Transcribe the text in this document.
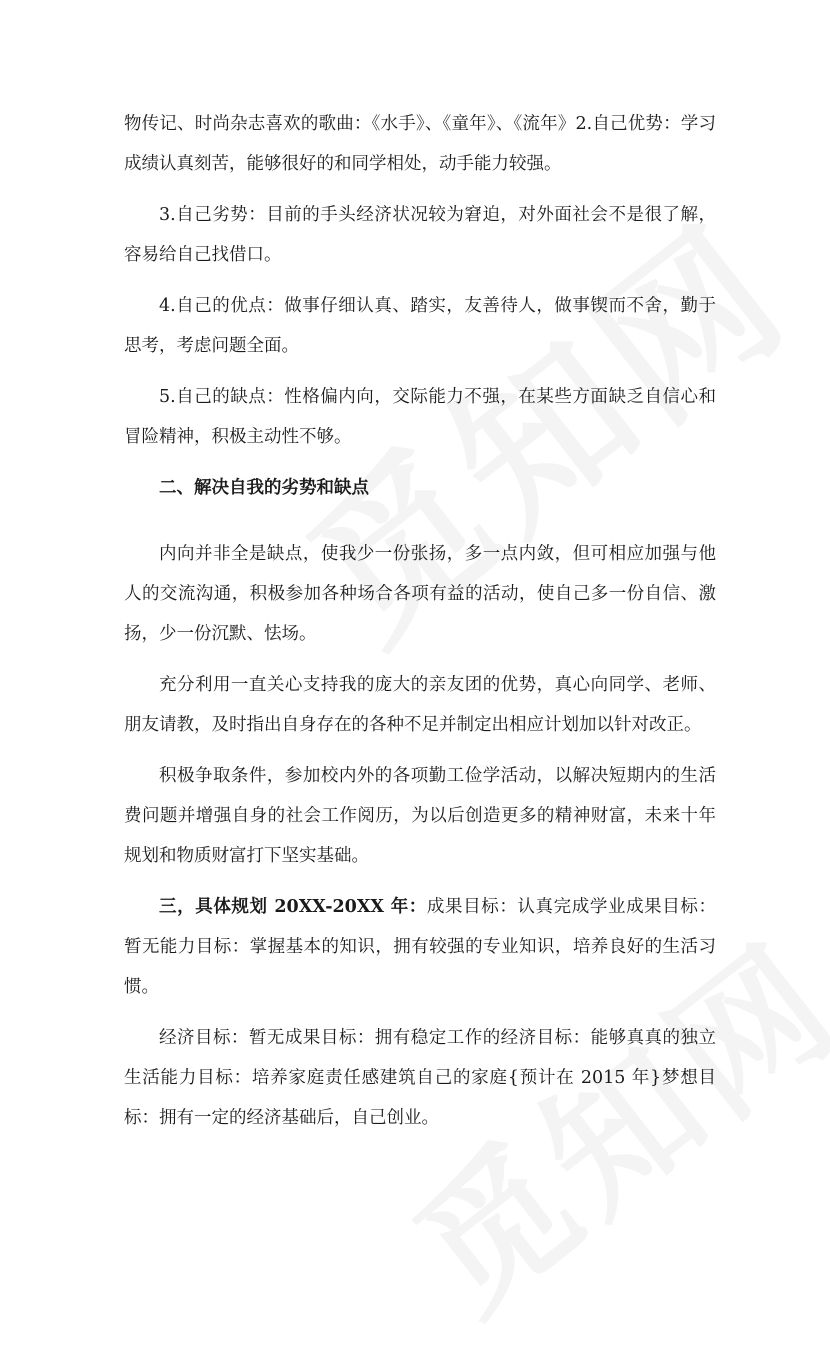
物传记、时尚杂志喜欢的歌曲：《水手》、《童年》、《流年》2.自己优势：学习成绩认真刻苦，能够很好的和同学相处，动手能力较强。

3.自己劣势：目前的手头经济状况较为窘迫，对外面社会不是很了解，容易给自己找借口。

4.自己的优点：做事仔细认真、踏实，友善待人，做事锲而不舍，勤于思考，考虑问题全面。

5.自己的缺点：性格偏内向，交际能力不强，在某些方面缺乏自信心和冒险精神，积极主动性不够。

二、解决自我的劣势和缺点

内向并非全是缺点，使我少一份张扬，多一点内敛，但可相应加强与他人的交流沟通，积极参加各种场合各项有益的活动，使自己多一份自信、激扬，少一份沉默、怯场。

充分利用一直关心支持我的庞大的亲友团的优势，真心向同学、老师、朋友请教，及时指出自身存在的各种不足并制定出相应计划加以针对改正。

积极争取条件，参加校内外的各项勤工俭学活动，以解决短期内的生活费问题并增强自身的社会工作阅历，为以后创造更多的精神财富，未来十年规划和物质财富打下坚实基础。

三，具体规划 20XX-20XX 年：成果目标：认真完成学业成果目标：暂无能力目标：掌握基本的知识，拥有较强的专业知识，培养良好的生活习惯。

经济目标：暂无成果目标：拥有稳定工作的经济目标：能够真真的独立生活能力目标：培养家庭责任感建筑自己的家庭{预计在 2015 年}梦想目标：拥有一定的经济基础后，自己创业。
